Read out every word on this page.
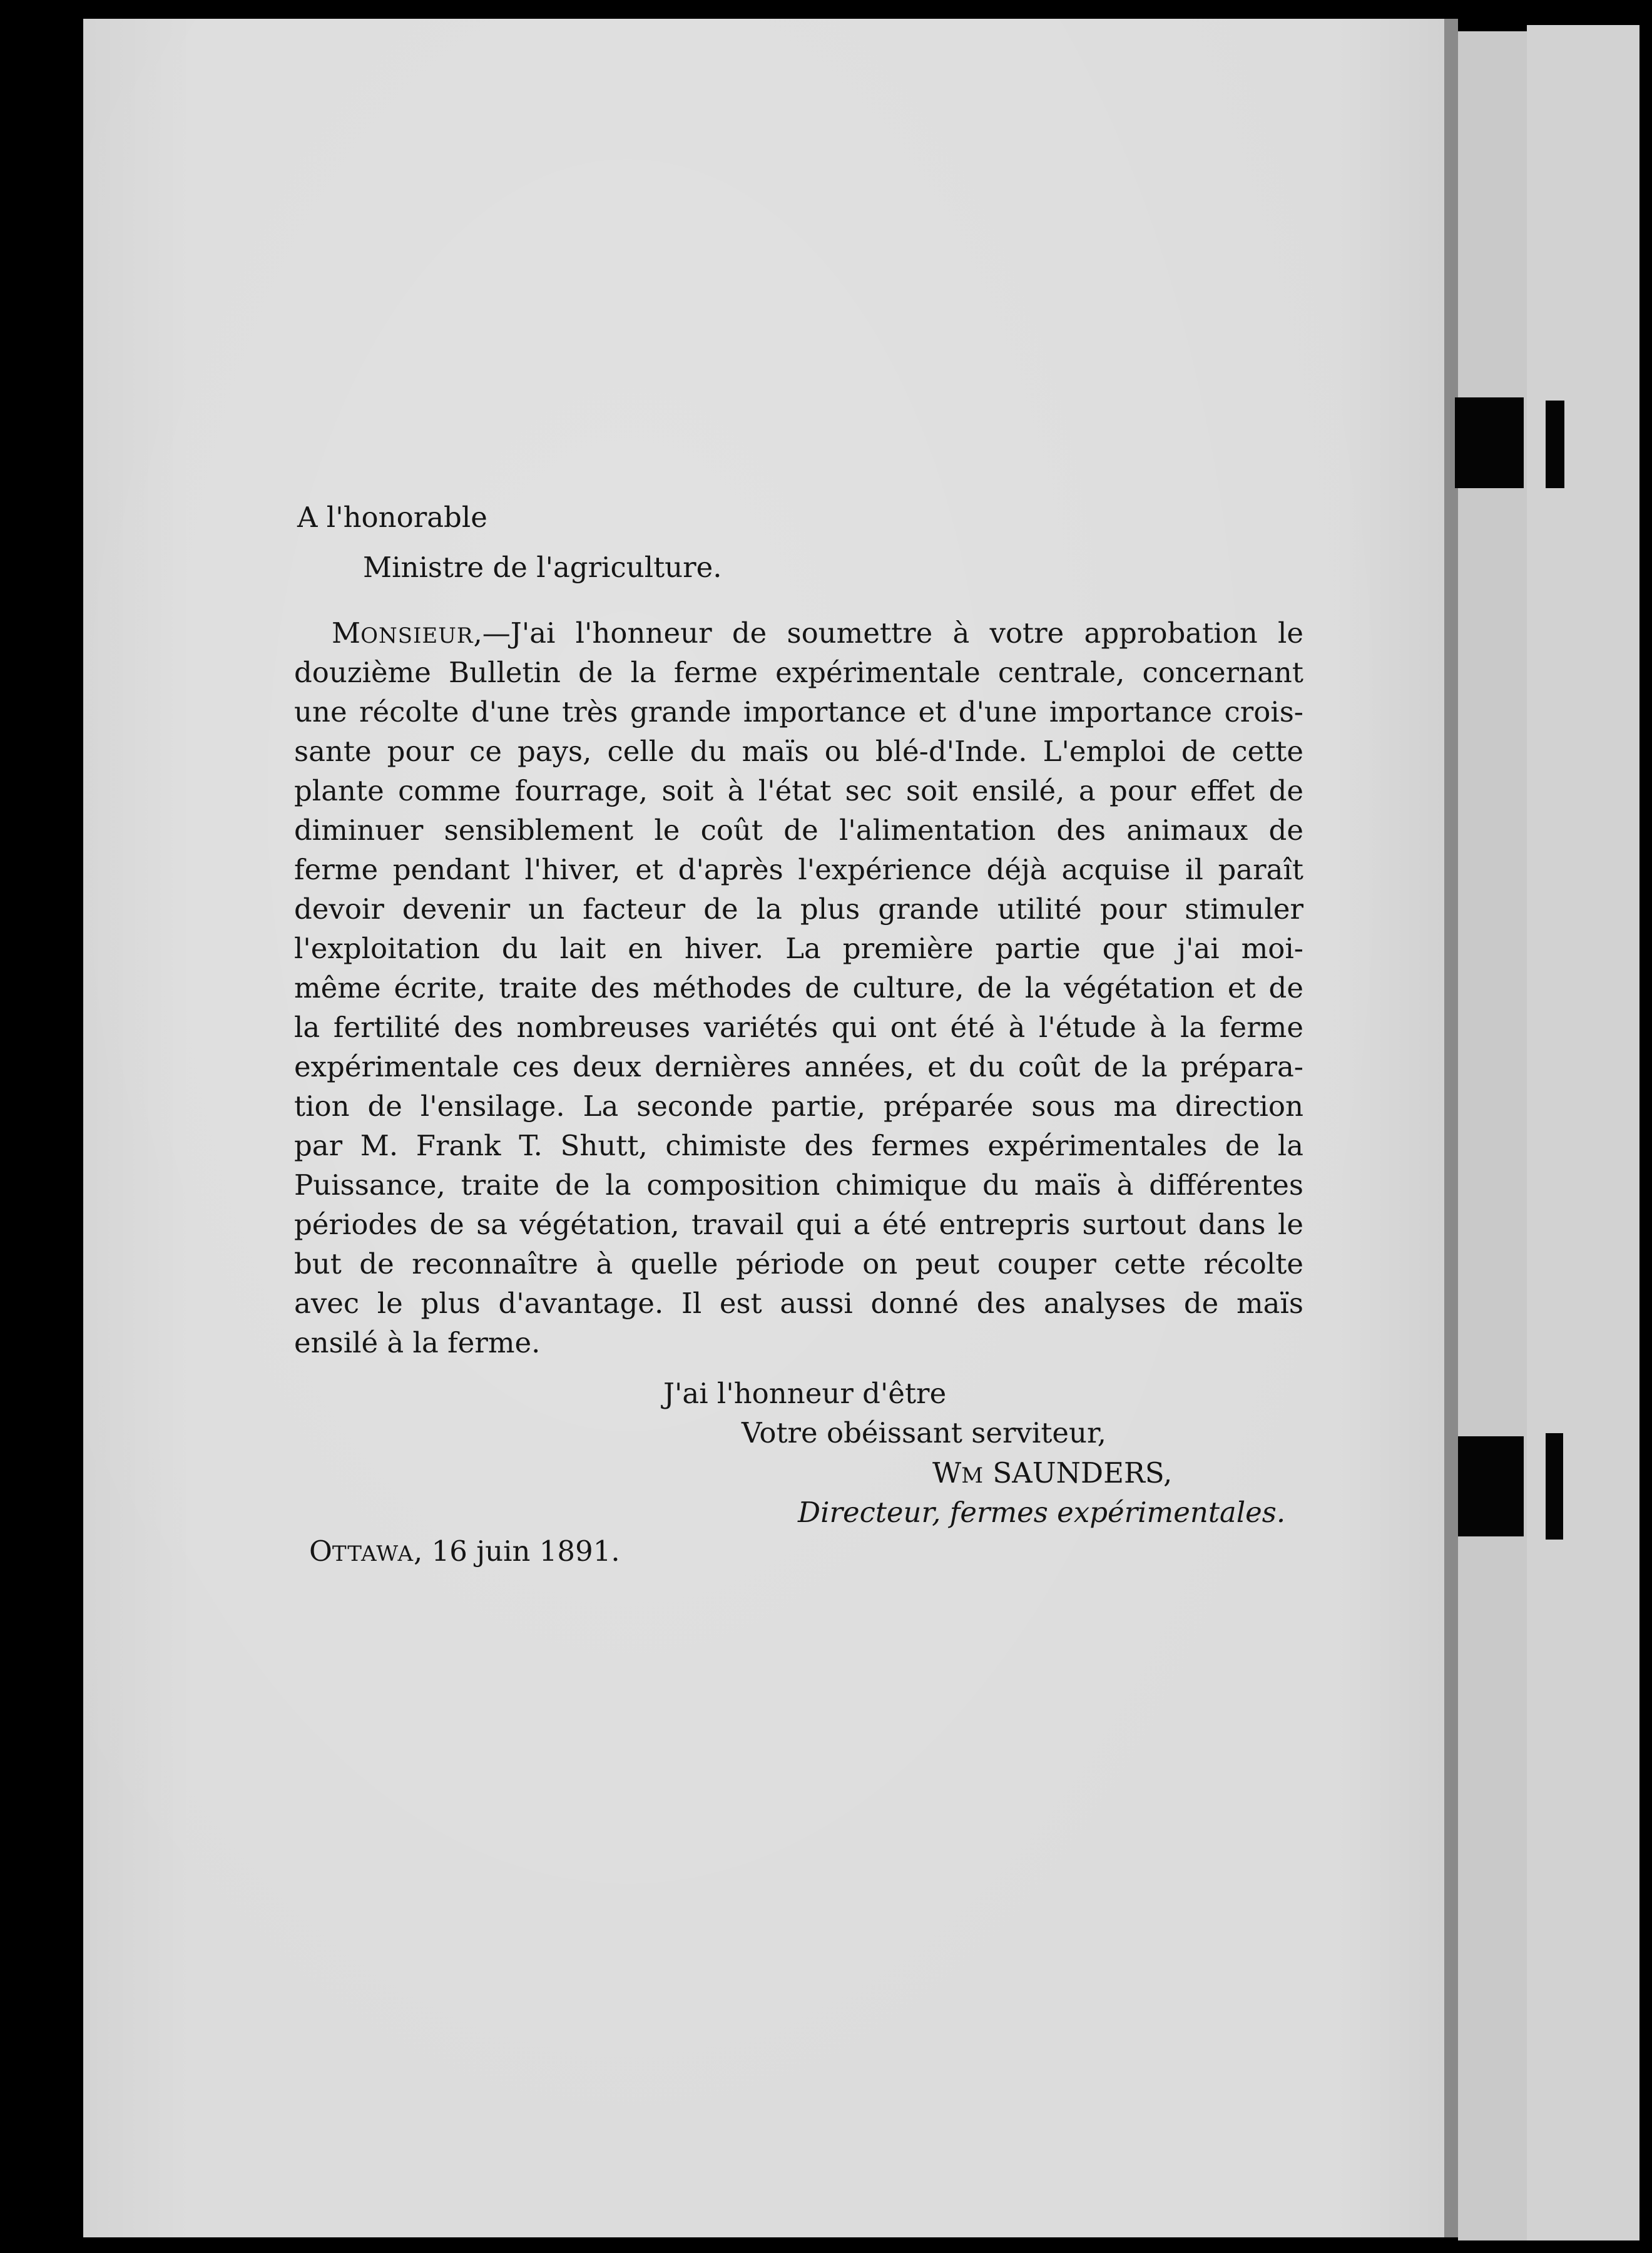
A l'honorable
Ministre de l'agriculture.
MONSIEUR,—J'ai l'honneur de soumettre à votre approbation le
douzième Bulletin de la ferme expérimentale centrale, concernant
une récolte d'une très grande importance et d'une importance crois-
sante pour ce pays, celle du maïs ou blé-d'Inde. L'emploi de cette
plante comme fourrage, soit à l'état sec soit ensilé, a pour effet de
diminuer sensiblement le coût de l'alimentation des animaux de
ferme pendant l'hiver, et d'après l'expérience déjà acquise il paraît
devoir devenir un facteur de la plus grande utilité pour stimuler
l'exploitation du lait en hiver. La première partie que j'ai moi-
même écrite, traite des méthodes de culture, de la végétation et de
la fertilité des nombreuses variétés qui ont été à l'étude à la ferme
expérimentale ces deux dernières années, et du coût de la prépara-
tion de l'ensilage. La seconde partie, préparée sous ma direction
par M. Frank T. Shutt, chimiste des fermes expérimentales de la
Puissance, traite de la composition chimique du maïs à différentes
périodes de sa végétation, travail qui a été entrepris surtout dans le
but de reconnaître à quelle période on peut couper cette récolte
avec le plus d'avantage. Il est aussi donné des analyses de maïs
ensilé à la ferme.
J'ai l'honneur d'être
Votre obéissant serviteur,
WM SAUNDERS,
Directeur, fermes expérimentales.
OTTAWA, 16 juin 1891.
